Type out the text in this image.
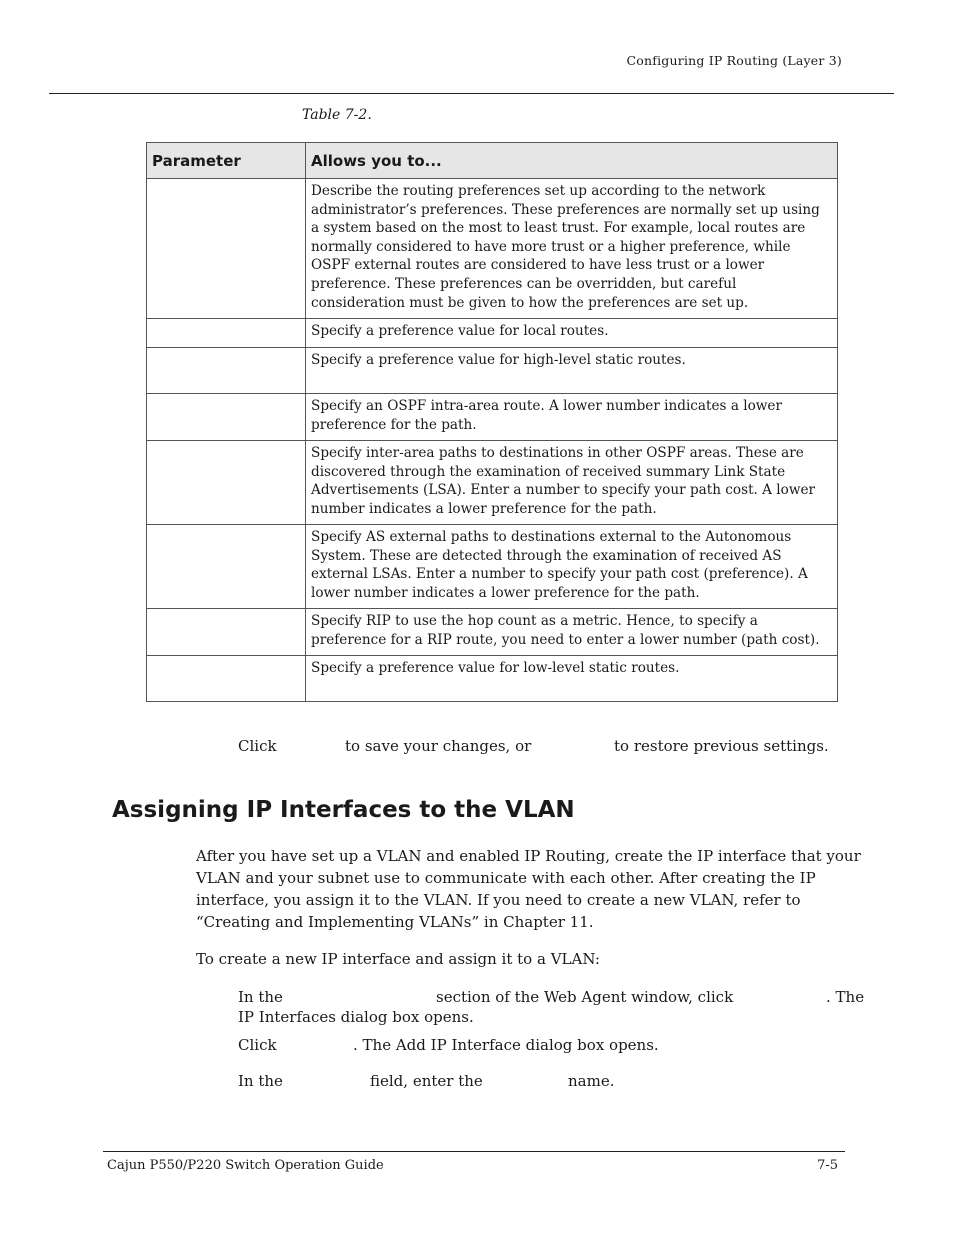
Configuring IP Routing (Layer 3)
Table 7-2.
Parameter	Allows you to...
	Describe the routing preferences set up according to the network administrator’s preferences. These preferences are normally set up using a system based on the most to least trust. For example, local routes are normally considered to have more trust or a higher preference, while OSPF external routes are considered to have less trust or a lower preference. These preferences can be overridden, but careful consideration must be given to how the preferences are set up.
	Specify a preference value for local routes.
	Specify a preference value for high-level static routes.
	Specify an OSPF intra-area route. A lower number indicates a lower preference for the path.
	Specify inter-area paths to destinations in other OSPF areas. These are discovered through the examination of received summary Link State Advertisements (LSA). Enter a number to specify your path cost. A lower number indicates a lower preference for the path.
	Specify AS external paths to destinations external to the Autonomous System. These are detected through the examination of received AS external LSAs. Enter a number to specify your path cost (preference). A lower number indicates a lower preference for the path.
	Specify RIP to use the hop count as a metric. Hence, to specify a preference for a RIP route, you need to enter a lower number (path cost).
	Specify a preference value for low-level static routes.
Click	to save your changes, or	to restore previous settings.
Assigning IP Interfaces to the VLAN
After you have set up a VLAN and enabled IP Routing, create the IP interface that your VLAN and your subnet use to communicate with each other. After creating the IP interface, you assign it to the VLAN. If you need to create a new VLAN, refer to “Creating and Implementing VLANs” in Chapter 11.
To create a new IP interface and assign it to a VLAN:
In the	section of the Web Agent window, click	. The
IP Interfaces dialog box opens.
Click	. The Add IP Interface dialog box opens.
In the	field, enter the	name.
Cajun P550/P220 Switch Operation Guide	7-5
